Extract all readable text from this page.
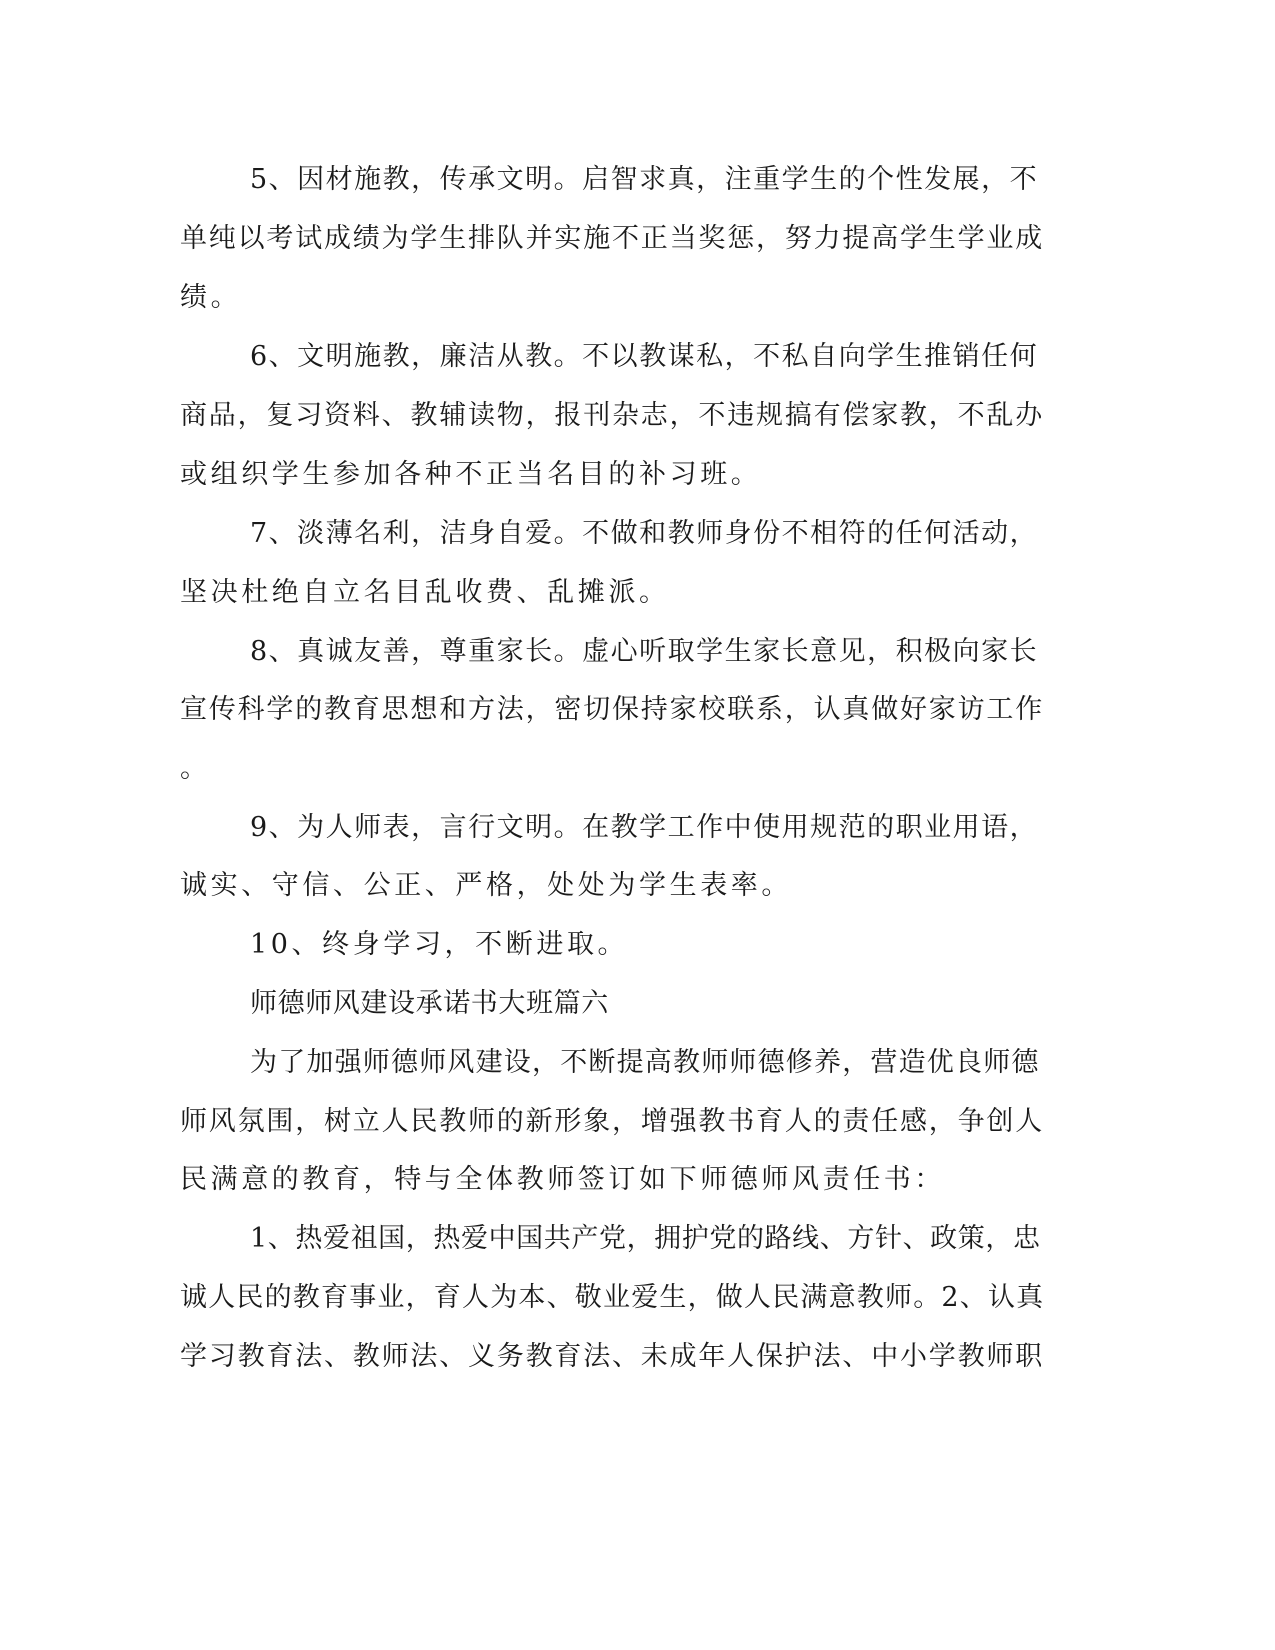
5、因材施教，传承文明。启智求真，注重学生的个性发展，不

单纯以考试成绩为学生排队并实施不正当奖惩，努力提高学生学业成

绩。

6、文明施教，廉洁从教。不以教谋私，不私自向学生推销任何

商品，复习资料、教辅读物，报刊杂志，不违规搞有偿家教，不乱办

或组织学生参加各种不正当名目的补习班。

7、淡薄名利，洁身自爱。不做和教师身份不相符的任何活动，

坚决杜绝自立名目乱收费、乱摊派。

8、真诚友善，尊重家长。虚心听取学生家长意见，积极向家长

宣传科学的教育思想和方法，密切保持家校联系，认真做好家访工作

。

9、为人师表，言行文明。在教学工作中使用规范的职业用语，

诚实、守信、公正、严格，处处为学生表率。

10、终身学习，不断进取。

师德师风建设承诺书大班篇六

为了加强师德师风建设，不断提高教师师德修养，营造优良师德

师风氛围，树立人民教师的新形象，增强教书育人的责任感，争创人

民满意的教育，特与全体教师签订如下师德师风责任书：

1、热爱祖国，热爱中国共产党，拥护党的路线、方针、政策，忠

诚人民的教育事业，育人为本、敬业爱生，做人民满意教师。2、认真

学习教育法、教师法、义务教育法、未成年人保护法、中小学教师职
